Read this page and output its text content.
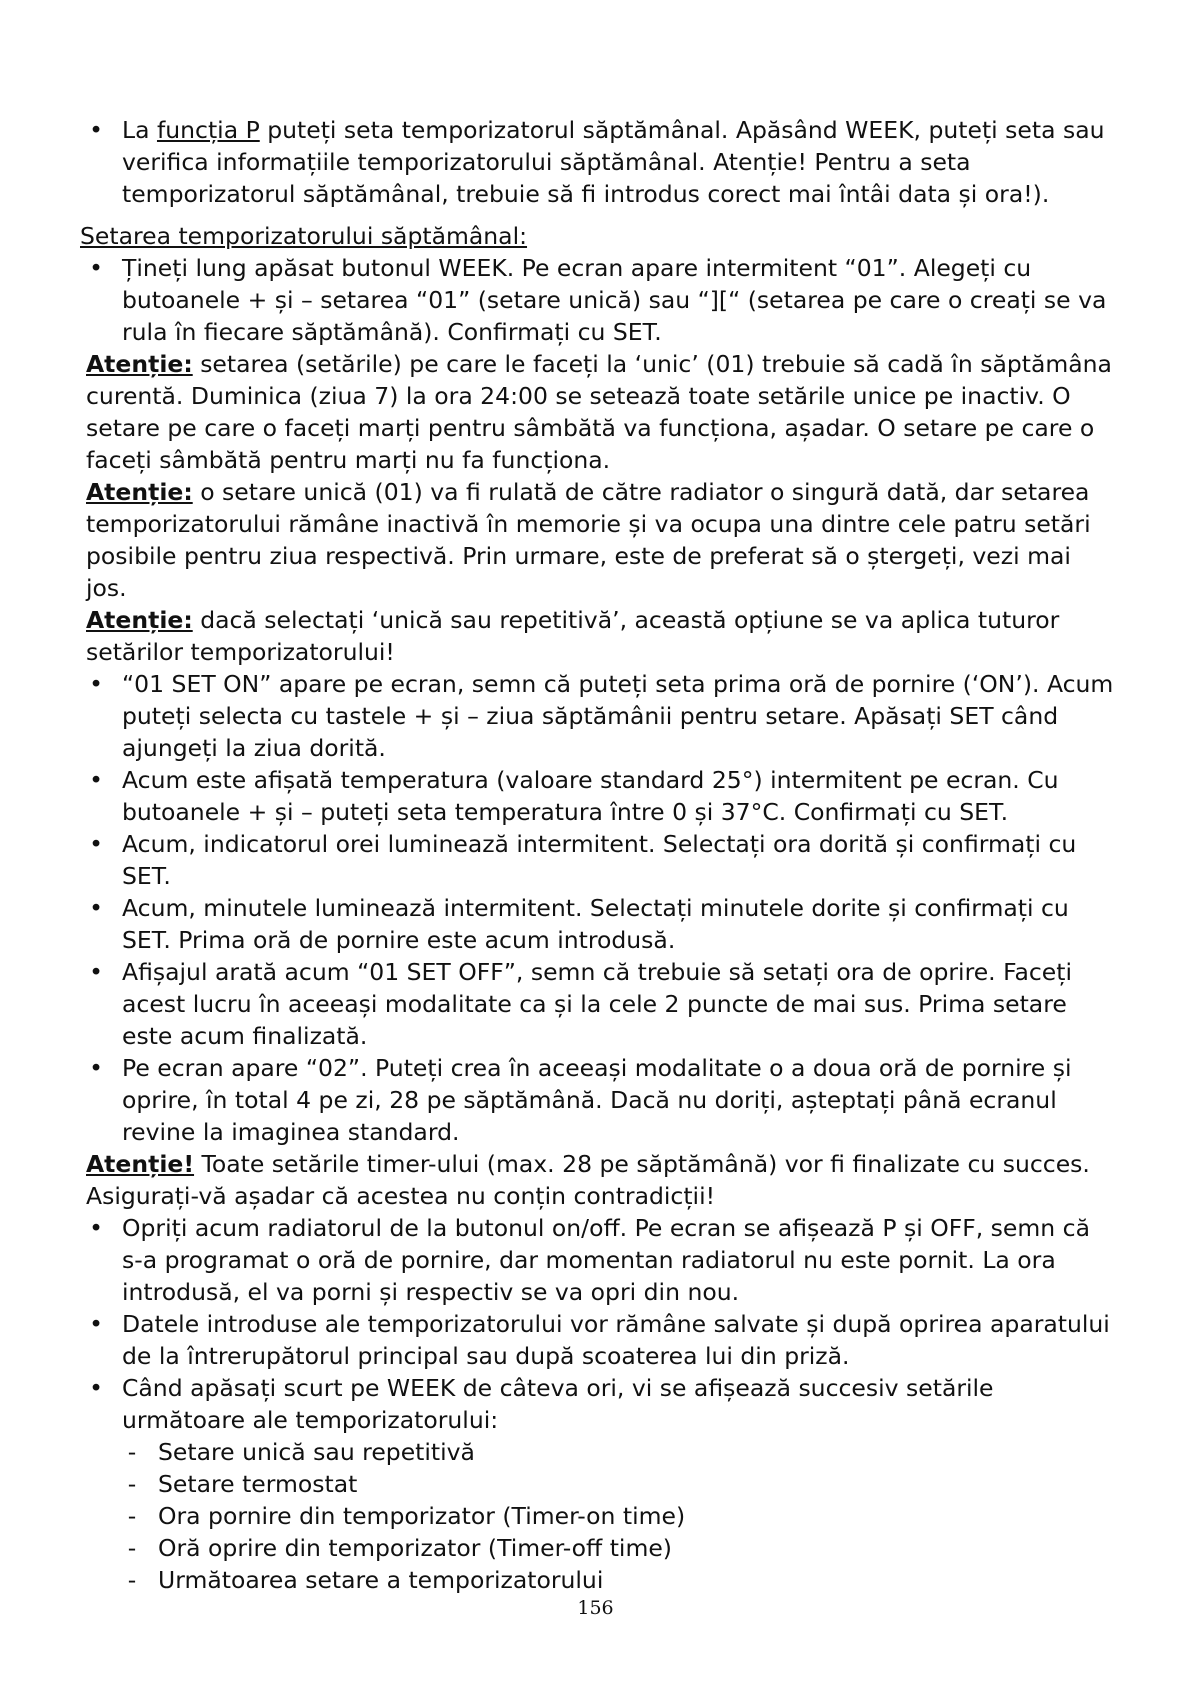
• La funcția P puteți seta temporizatorul săptămânal. Apăsând WEEK, puteți seta sau verifica informațiile temporizatorului săptămânal. Atenție! Pentru a seta temporizatorul săptămânal, trebuie să fi introdus corect mai întâi data și ora!).
Setarea temporizatorului săptămânal:
• Țineți lung apăsat butonul WEEK. Pe ecran apare intermitent “01”. Alegeți cu butoanele + și – setarea “01” (setare unică) sau “][“ (setarea pe care o creați se va rula în fiecare săptămână). Confirmați cu SET.
Atenție: setarea (setările) pe care le faceți la ‘unic’ (01) trebuie să cadă în săptămâna curentă. Duminica (ziua 7) la ora 24:00 se setează toate setările unice pe inactiv. O setare pe care o faceți marți pentru sâmbătă va funcționa, așadar. O setare pe care o faceți sâmbătă pentru marți nu fa funcționa.
Atenție: o setare unică (01) va fi rulată de către radiator o singură dată, dar setarea temporizatorului rămâne inactivă în memorie și va ocupa una dintre cele patru setări posibile pentru ziua respectivă. Prin urmare, este de preferat să o ștergeți, vezi mai jos.
Atenție: dacă selectați ‘unică sau repetitivă’, această opțiune se va aplica tuturor setărilor temporizatorului!
• “01 SET ON” apare pe ecran, semn că puteți seta prima oră de pornire (‘ON’). Acum puteți selecta cu tastele + și – ziua săptămânii pentru setare. Apăsați SET când ajungeți la ziua dorită.
• Acum este afișată temperatura (valoare standard 25°) intermitent pe ecran. Cu butoanele + și – puteți seta temperatura între 0 și 37°C. Confirmați cu SET.
• Acum, indicatorul orei luminează intermitent. Selectați ora dorită și confirmați cu SET.
• Acum, minutele luminează intermitent. Selectați minutele dorite și confirmați cu SET. Prima oră de pornire este acum introdusă.
• Afișajul arată acum “01 SET OFF”, semn că trebuie să setați ora de oprire. Faceți acest lucru în aceeași modalitate ca și la cele 2 puncte de mai sus. Prima setare este acum finalizată.
• Pe ecran apare “02”. Puteți crea în aceeași modalitate o a doua oră de pornire și oprire, în total 4 pe zi, 28 pe săptămână. Dacă nu doriți, așteptați până ecranul revine la imaginea standard.
Atenție! Toate setările timer-ului (max. 28 pe săptămână) vor fi finalizate cu succes. Asigurați-vă așadar că acestea nu conțin contradicții!
• Opriți acum radiatorul de la butonul on/off. Pe ecran se afișează P și OFF, semn că s-a programat o oră de pornire, dar momentan radiatorul nu este pornit. La ora introdusă, el va porni și respectiv se va opri din nou.
• Datele introduse ale temporizatorului vor rămâne salvate și după oprirea aparatului de la întrerupătorul principal sau după scoaterea lui din priză.
• Când apăsați scurt pe WEEK de câteva ori, vi se afișează succesiv setările următoare ale temporizatorului:
- Setare unică sau repetitivă
- Setare termostat
- Ora pornire din temporizator (Timer-on time)
- Oră oprire din temporizator (Timer-off time)
- Următoarea setare a temporizatorului
156
